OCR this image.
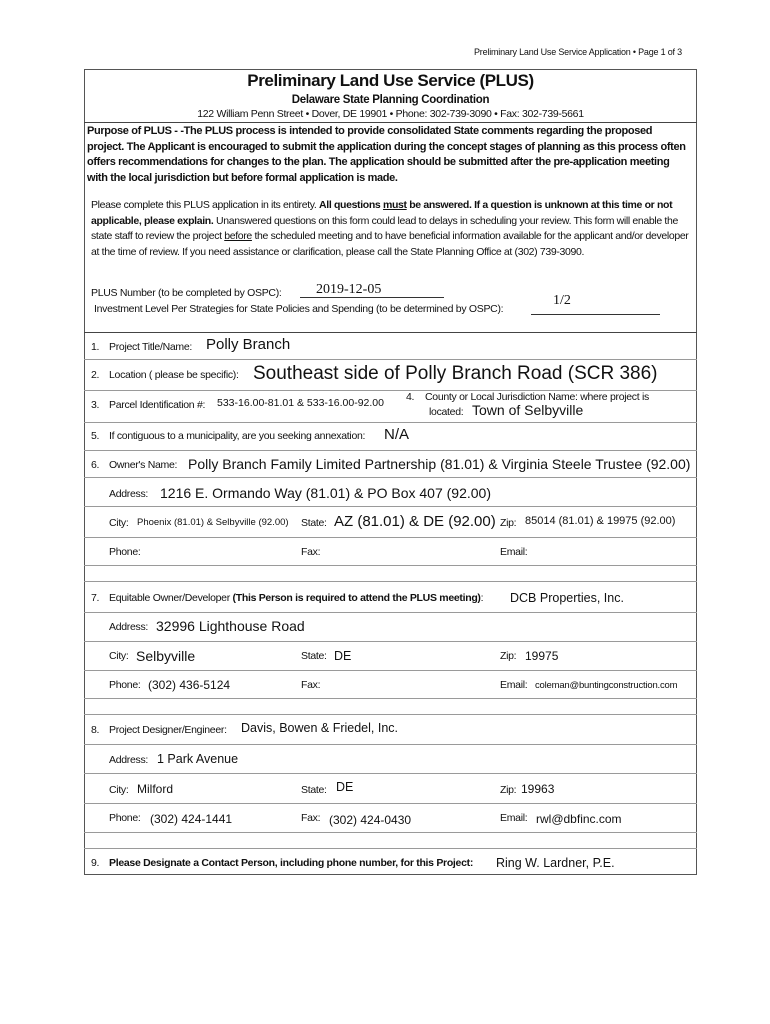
Preliminary Land Use Service Application • Page 1 of 3
Preliminary Land Use Service (PLUS)
Delaware State Planning Coordination
122 William Penn Street • Dover, DE 19901 • Phone: 302-739-3090 • Fax: 302-739-5661
Purpose of PLUS - -The PLUS process is intended to provide consolidated State comments regarding the proposed project. The Applicant is encouraged to submit the application during the concept stages of planning as this process often offers recommendations for changes to the plan. The application should be submitted after the pre-application meeting with the local jurisdiction but before formal application is made.
Please complete this PLUS application in its entirety. All questions must be answered. If a question is unknown at this time or not applicable, please explain. Unanswered questions on this form could lead to delays in scheduling your review. This form will enable the state staff to review the project before the scheduled meeting and to have beneficial information available for the applicant and/or developer at the time of review. If you need assistance or clarification, please call the State Planning Office at (302) 739-3090.
PLUS Number (to be completed by OSPC): 2019-12-05
Investment Level Per Strategies for State Policies and Spending (to be determined by OSPC):
1/2
1. Project Title/Name: Polly Branch
2. Location ( please be specific): Southeast side of Polly Branch Road (SCR 386)
3. Parcel Identification #: 533-16.00-81.01 & 533-16.00-92.00 4. County or Local Jurisdiction Name: where project is
located: Town of Selbyville
5. If contiguous to a municipality, are you seeking annexation: N/A
6. Owner's Name: Polly Branch Family Limited Partnership (81.01) & Virginia Steele Trustee (92.00)
Address: 1216 E. Ormando Way (81.01) & PO Box 407 (92.00)
City: Phoenix (81.01) & Selbyville (92.00) State: AZ (81.01) & DE (92.00) Zip: 85014 (81.01) & 19975 (92.00)
Phone:	Fax:	Email:
7. Equitable Owner/Developer (This Person is required to attend the PLUS meeting): DCB Properties, Inc.
Address: 32996 Lighthouse Road
City: Selbyville	State: DE	Zip: 19975
Phone: (302) 436-5124	Fax:	Email: coleman@buntingconstruction.com
8. Project Designer/Engineer: Davis, Bowen & Friedel, Inc.
Address: 1 Park Avenue
City: Milford	State: DE	Zip: 19963
Phone: (302) 424-1441	Fax: (302) 424-0430	Email: rwl@dbfinc.com
9. Please Designate a Contact Person, including phone number, for this Project: Ring W. Lardner, P.E.
